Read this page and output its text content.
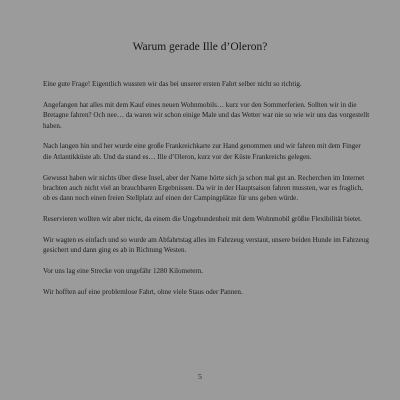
Warum gerade Ille d’Oleron?

Eine gute Frage! Eigentlich wussten wir das bei unserer ersten Fahrt selber nicht so richtig.

Angefangen hat alles mit dem Kauf eines neuen Wohnmobils… kurz vor den Sommerferien. Sollten wir in die Bretagne fahren? Och nee… da waren wir schon einige Male und das Wetter war nie so wie wir uns das vorgestellt haben.

Nach langen hin und her wurde eine große Frankreichkarte zur Hand genommen und wir fahren mit dem Finger die Atlantikküste ab. Und da stand es… Ille d’Oleron, kurz vor der Küste Frankreichs gelegen.

Gewusst haben wir nichts über diese Insel, aber der Name hörte sich ja schon mal gut an. Recherchen im Internet brachten auch nicht viel an brauchbaren Ergebnissen. Da wir in der Hauptsaison fahren mussten, war es fraglich, ob es dann noch einen freien Stellplatz auf einen der Campingplätze für uns geben würde.

Reservieren wollten wir aber nicht, da einem die Ungebundenheit mit dem Wohnmobil größte Flexibilität bietet.

Wir wagten es einfach und so wurde am Abfahrtstag alles im Fahrzeug verstaut, unsere beiden Hunde im Fahrzeug gesichert und dann ging es ab in Richtung Westen.

Vor uns lag eine Strecke von ungefähr 1280 Kilometern.

Wir hofften auf eine problemlose Fahrt, ohne viele Staus oder Pannen.

5
